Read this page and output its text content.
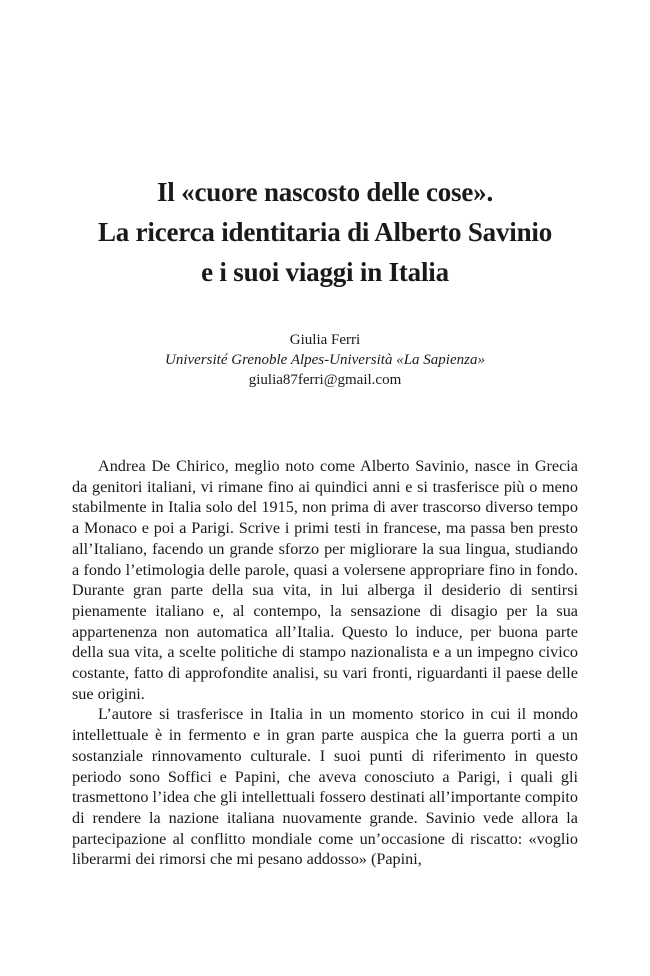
Il «cuore nascosto delle cose».
La ricerca identitaria di Alberto Savinio
e i suoi viaggi in Italia
Giulia Ferri
Université Grenoble Alpes-Università «La Sapienza»
giulia87ferri@gmail.com

Andrea De Chirico, meglio noto come Alberto Savinio, nasce in Grecia da genitori italiani, vi rimane fino ai quindici anni e si trasferisce più o meno stabilmente in Italia solo del 1915, non prima di aver trascorso diverso tempo a Monaco e poi a Parigi. Scrive i primi testi in francese, ma passa ben presto all’Italiano, facendo un grande sforzo per migliorare la sua lingua, studiando a fondo l’etimologia delle parole, quasi a volersene appropriare fino in fondo. Durante gran parte della sua vita, in lui alberga il desiderio di sentirsi pienamente italiano e, al contempo, la sensazione di disagio per la sua appartenenza non automatica all’Italia. Questo lo induce, per buona parte della sua vita, a scelte politiche di stampo nazionalista e a un impegno civico costante, fatto di approfondite analisi, su vari fronti, riguardanti il paese delle sue origini.

L’autore si trasferisce in Italia in un momento storico in cui il mondo intellettuale è in fermento e in gran parte auspica che la guerra porti a un sostanziale rinnovamento culturale. I suoi punti di riferimento in questo periodo sono Soffici e Papini, che aveva conosciuto a Parigi, i quali gli trasmettono l’idea che gli intellettuali fossero destinati all’importante compito di rendere la nazione italiana nuovamente grande. Savinio vede allora la partecipazione al conflitto mondiale come un’occasione di riscatto: «voglio liberarmi dei rimorsi che mi pesano addosso» (Papini,
